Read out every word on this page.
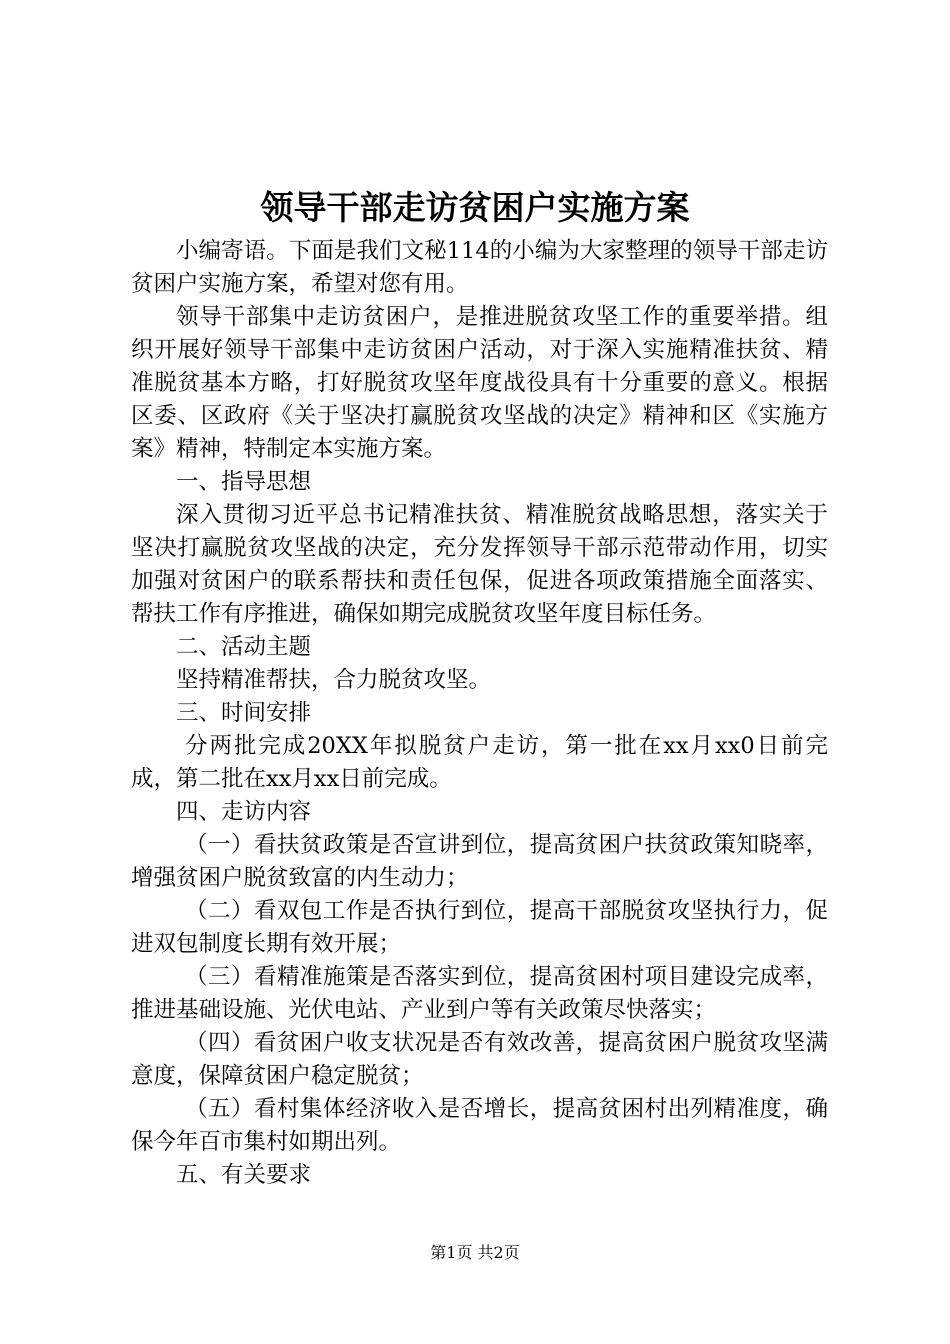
领导干部走访贫困户实施方案

小编寄语。下面是我们文秘114的小编为大家整理的领导干部走访贫困户实施方案，希望对您有用。

领导干部集中走访贫困户，是推进脱贫攻坚工作的重要举措。组织开展好领导干部集中走访贫困户活动，对于深入实施精准扶贫、精准脱贫基本方略，打好脱贫攻坚年度战役具有十分重要的意义。根据区委、区政府《关于坚决打赢脱贫攻坚战的决定》精神和区《实施方案》精神，特制定本实施方案。

一、指导思想

深入贯彻习近平总书记精准扶贫、精准脱贫战略思想，落实关于坚决打赢脱贫攻坚战的决定，充分发挥领导干部示范带动作用，切实加强对贫困户的联系帮扶和责任包保，促进各项政策措施全面落实、帮扶工作有序推进，确保如期完成脱贫攻坚年度目标任务。

二、活动主题

坚持精准帮扶，合力脱贫攻坚。

三、时间安排

分两批完成20XX年拟脱贫户走访，第一批在xx月xx0日前完成，第二批在xx月xx日前完成。

四、走访内容

（一）看扶贫政策是否宣讲到位，提高贫困户扶贫政策知晓率，增强贫困户脱贫致富的内生动力；

（二）看双包工作是否执行到位，提高干部脱贫攻坚执行力，促进双包制度长期有效开展；

（三）看精准施策是否落实到位，提高贫困村项目建设完成率，推进基础设施、光伏电站、产业到户等有关政策尽快落实；

（四）看贫困户收支状况是否有效改善，提高贫困户脱贫攻坚满意度，保障贫困户稳定脱贫；

（五）看村集体经济收入是否增长，提高贫困村出列精准度，确保今年百市集村如期出列。

五、有关要求

第1页 共2页
